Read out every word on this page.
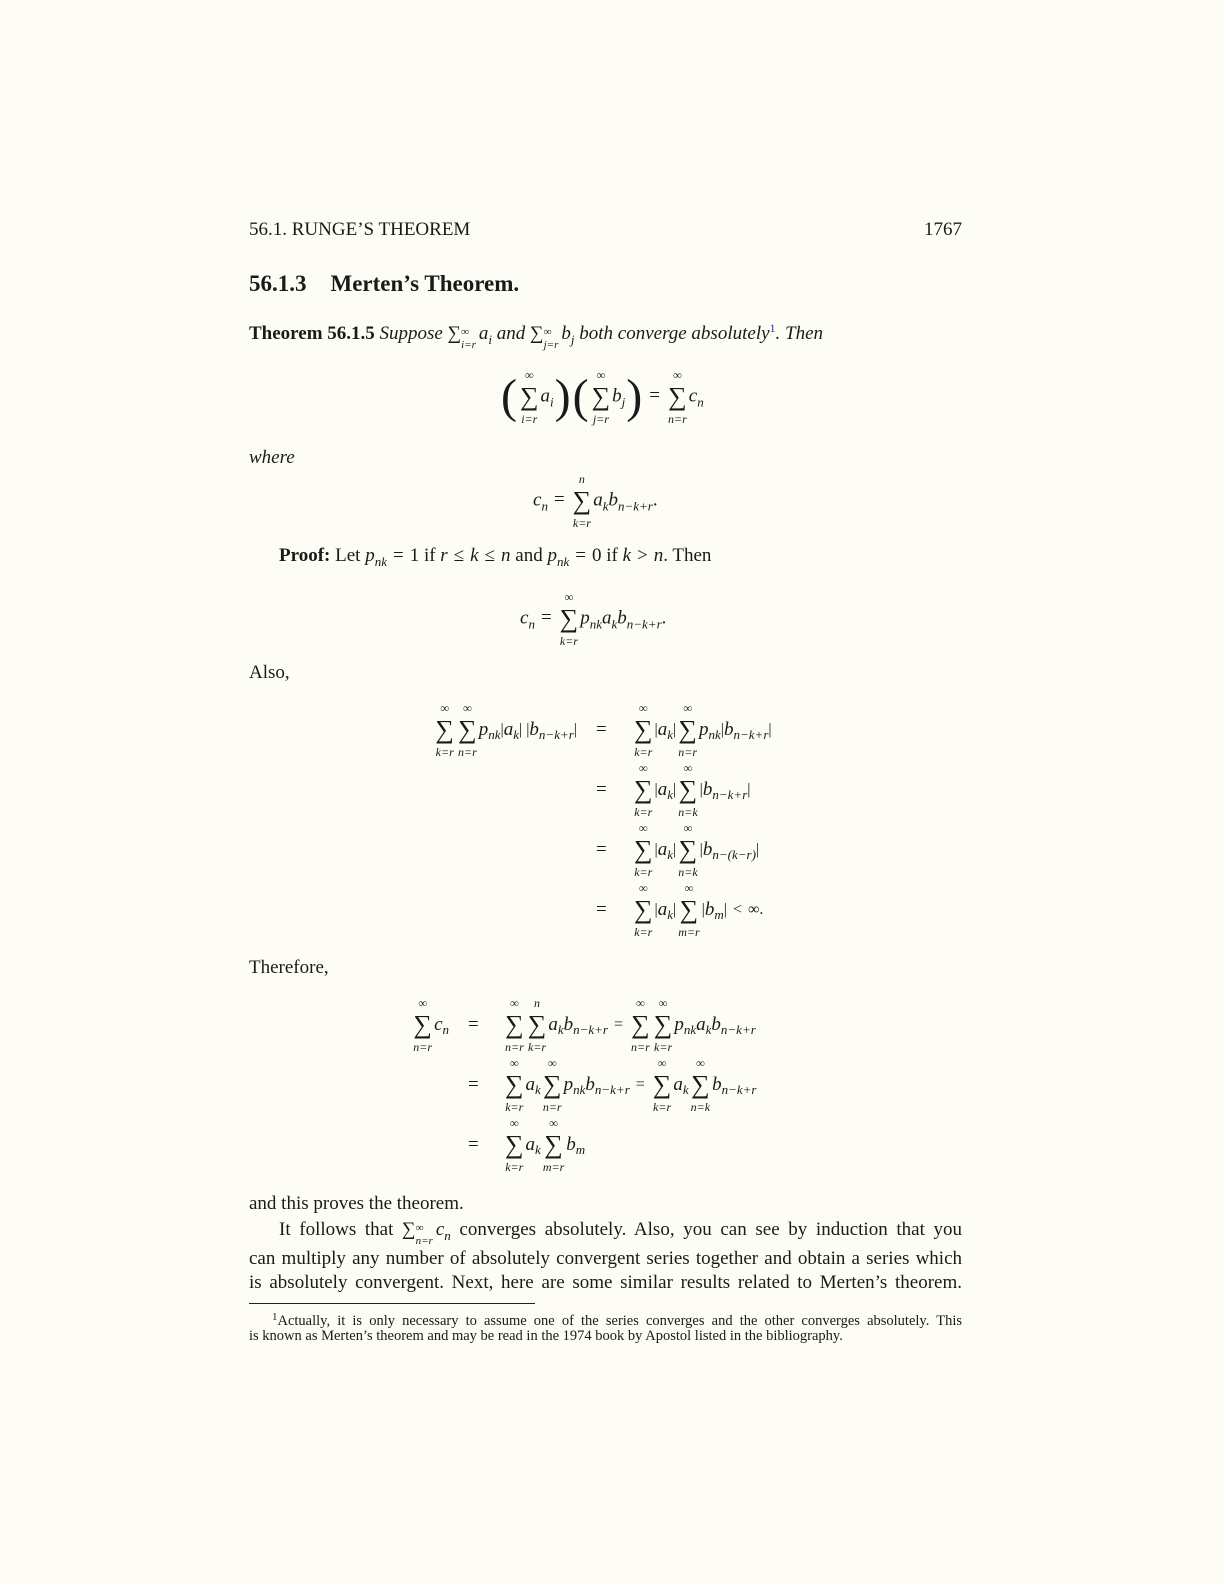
56.1. RUNGE’S THEOREM	1767
56.1.3 Merten’s Theorem.
Theorem 56.1.5 Suppose ∑ ∞
i=r
$a_i$ and ∑ ∞
j=r
$b_j$ both converge absolutely$^1$. Then
( ∞
∑
i=r
$a_i$)( ∞
∑
j=r
$b_j$) =
∞
∑
n=r
$c_n$
where
$c_n$ =
n
∑
k=r
$a_kb_{n-k+r}$.
Proof: Let $p_{nk} = 1$ if r ≤ k ≤ n and $p_{nk} = 0$ if k > n. Then
$c_n$ =
∞
∑
k=r
$p_{nk}a_kb_{n-k+r}$.
Also,
∞
∑
k=r
∞
∑
n=r
p nk | a k | | b n−k+r | =
∞
∑
k=r
| a k |
∞
∑
n=r
p nk | b n−k+r |
=
∞
∑
k=r
| a k |
∞
∑
n=k
| b n−k+r |
=
∞
∑
k=r
| a k |
∞
∑
n=k
| b n−(k−r) |
=
∞
∑
k=r
| a k |
∞
∑
m=r
| b m | < ∞.
Therefore,
∞
∑
n=r
c n =
∞
∑
n=r
n
∑
k=r
a k b n−k+r =
∞
∑
n=r
∞
∑
k=r
p nk a k b n−k+r
=
∞
∑
k=r
a k
∞
∑
n=r
p nk b n−k+r =
∞
∑
k=r
a k
∞
∑
n=k
b n−k+r
=
∞
∑
k=r
a k
∞
∑
m=r
b m
and this proves the theorem.
It follows that ∑ ∞
n=r
$c_n$ converges absolutely. Also, you can see by induction that you
can multiply any number of absolutely convergent series together and obtain a series which
is absolutely convergent. Next, here are some similar results related to Merten’s theorem.
$^1$Actually, it is only necessary to assume one of the series converges and the other converges absolutely. This
is known as Merten’s theorem and may be read in the 1974 book by Apostol listed in the bibliography.
